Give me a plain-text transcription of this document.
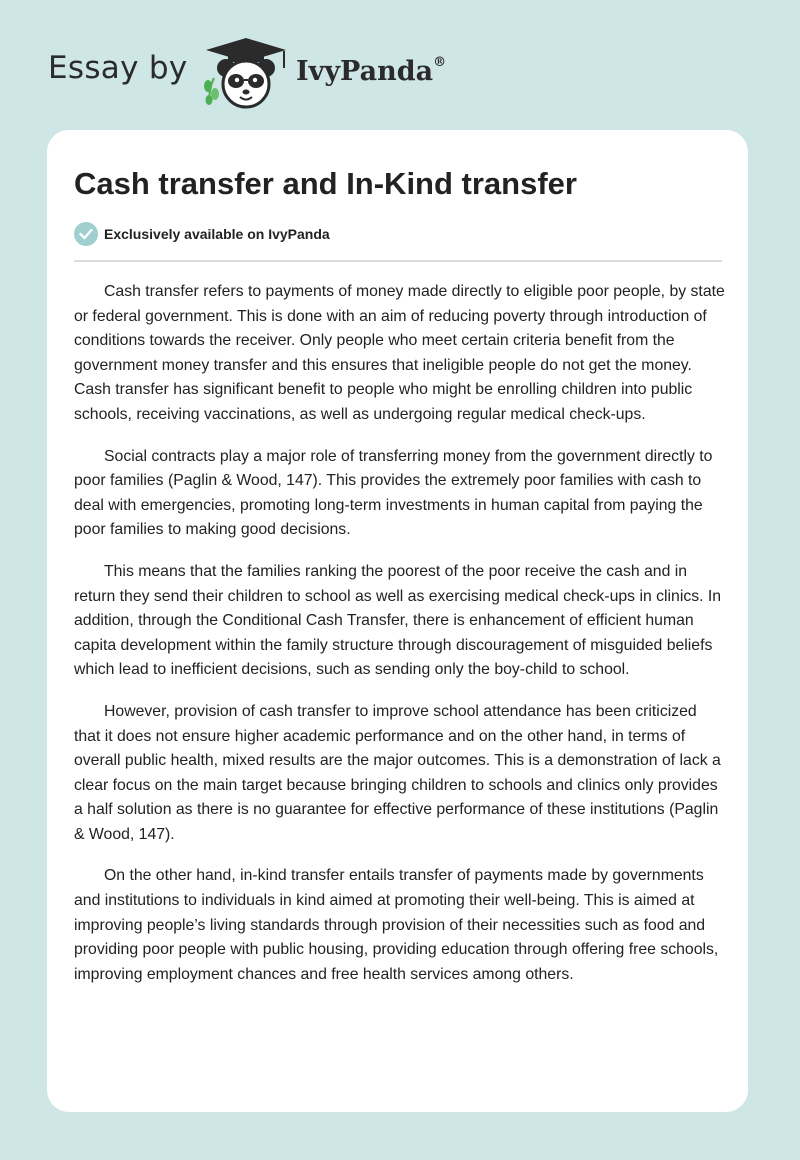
Essay by	IvyPanda®
Cash transfer and In-Kind transfer
Exclusively available on IvyPanda

Cash transfer refers to payments of money made directly to eligible poor people, by state or federal government. This is done with an aim of reducing poverty through introduction of conditions towards the receiver. Only people who meet certain criteria benefit from the government money transfer and this ensures that ineligible people do not get the money. Cash transfer has significant benefit to people who might be enrolling children into public schools, receiving vaccinations, as well as undergoing regular medical check-ups.

Social contracts play a major role of transferring money from the government directly to poor families (Paglin & Wood, 147). This provides the extremely poor families with cash to deal with emergencies, promoting long-term investments in human capital from paying the poor families to making good decisions.

This means that the families ranking the poorest of the poor receive the cash and in return they send their children to school as well as exercising medical check-ups in clinics. In addition, through the Conditional Cash Transfer, there is enhancement of efficient human capita development within the family structure through discouragement of misguided beliefs which lead to inefficient decisions, such as sending only the boy-child to school.

However, provision of cash transfer to improve school attendance has been criticized that it does not ensure higher academic performance and on the other hand, in terms of overall public health, mixed results are the major outcomes. This is a demonstration of lack a clear focus on the main target because bringing children to schools and clinics only provides a half solution as there is no guarantee for effective performance of these institutions (Paglin & Wood, 147).

On the other hand, in-kind transfer entails transfer of payments made by governments and institutions to individuals in kind aimed at promoting their well-being. This is aimed at improving people’s living standards through provision of their necessities such as food and providing poor people with public housing, providing education through offering free schools, improving employment chances and free health services among others.
